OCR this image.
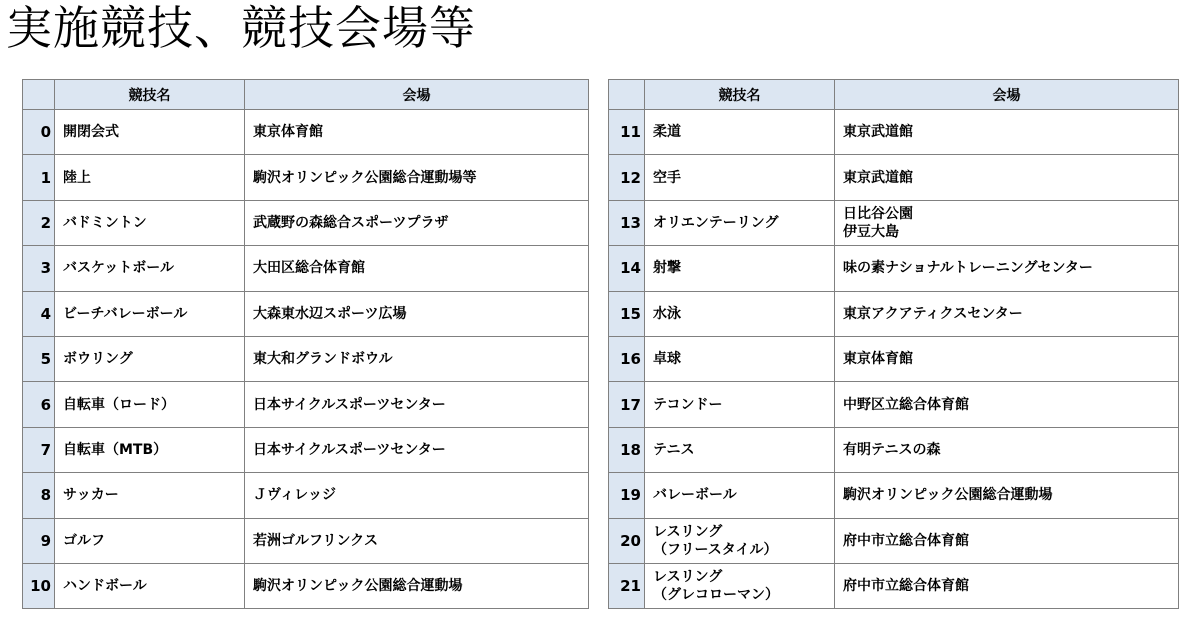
実施競技、競技会場等
	競技名	会場
0	開閉会式	東京体育館
1	陸上	駒沢オリンピック公園総合運動場等
2	バドミントン	武蔵野の森総合スポーツプラザ
3	バスケットボール	大田区総合体育館
4	ビーチバレーボール	大森東水辺スポーツ広場
5	ボウリング	東大和グランドボウル
6	自転車（ロード）	日本サイクルスポーツセンター
7	自転車（MTB）	日本サイクルスポーツセンター
8	サッカー	Ｊヴィレッジ
9	ゴルフ	若洲ゴルフリンクス
10	ハンドボール	駒沢オリンピック公園総合運動場
	競技名	会場
11	柔道	東京武道館
12	空手	東京武道館
13	オリエンテーリング	日比谷公園
伊豆大島

14	射撃	味の素ナショナルトレーニングセンター
15	水泳	東京アクアティクスセンター
16	卓球	東京体育館
17	テコンドー	中野区立総合体育館
18	テニス	有明テニスの森
19	バレーボール	駒沢オリンピック公園総合運動場
20	レスリング
（フリースタイル）	府中市立総合体育館
21	レスリング
（グレコローマン）	府中市立総合体育館
